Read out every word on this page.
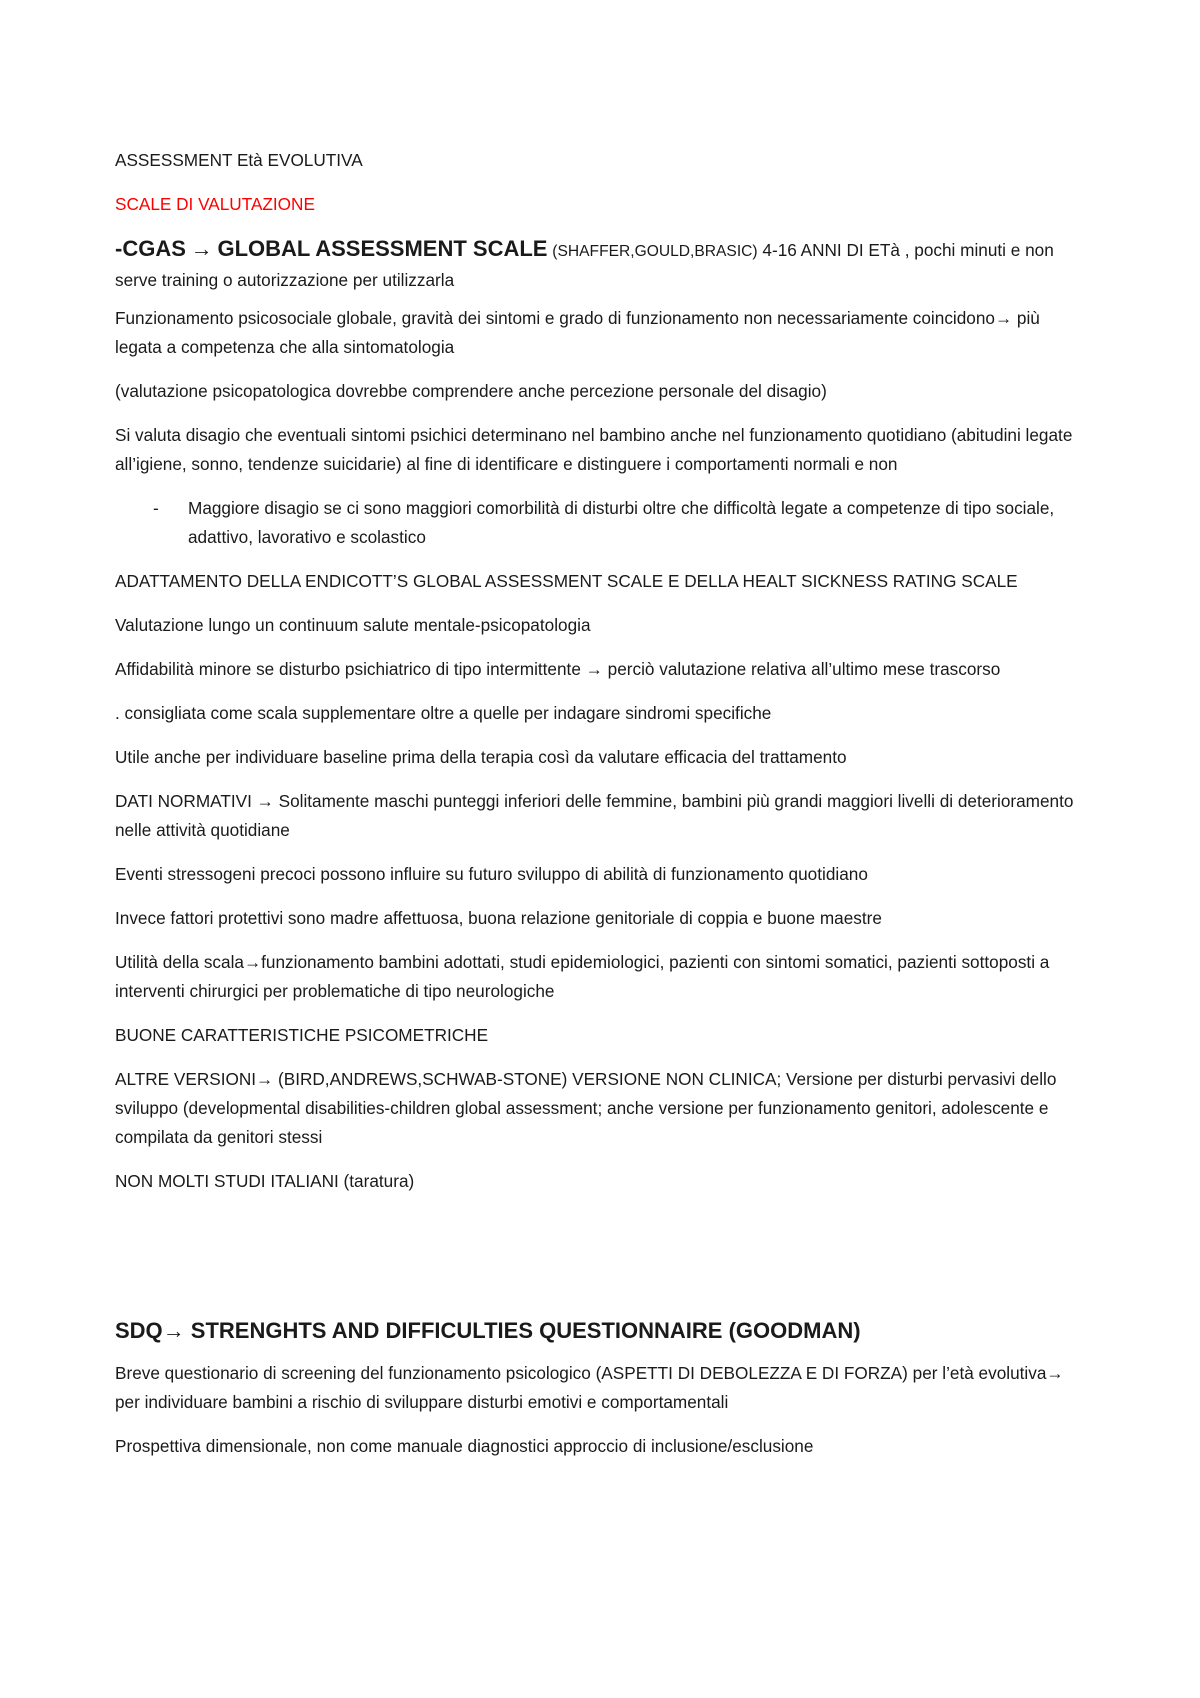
ASSESSMENT Età EVOLUTIVA

SCALE DI VALUTAZIONE

-CGAS → GLOBAL ASSESSMENT SCALE (SHAFFER,GOULD,BRASIC) 4-16 ANNI DI ETà , pochi minuti e non serve training o autorizzazione per utilizzarla

Funzionamento psicosociale globale, gravità dei sintomi e grado di funzionamento non necessariamente coincidono→ più legata a competenza che alla sintomatologia

(valutazione psicopatologica dovrebbe comprendere anche percezione personale del disagio)

Si valuta disagio che eventuali sintomi psichici determinano nel bambino anche nel funzionamento quotidiano (abitudini legate all’igiene, sonno, tendenze suicidarie) al fine di identificare e distinguere i comportamenti normali e non

- Maggiore disagio se ci sono maggiori comorbilità di disturbi oltre che difficoltà legate a competenze di tipo sociale, adattivo, lavorativo e scolastico

ADATTAMENTO DELLA ENDICOTT’S GLOBAL ASSESSMENT SCALE E DELLA HEALT SICKNESS RATING SCALE

Valutazione lungo un continuum salute mentale-psicopatologia

Affidabilità minore se disturbo psichiatrico di tipo intermittente → perciò valutazione relativa all’ultimo mese trascorso

. consigliata come scala supplementare oltre a quelle per indagare sindromi specifiche

Utile anche per individuare baseline prima della terapia così da valutare efficacia del trattamento

DATI NORMATIVI → Solitamente maschi punteggi inferiori delle femmine, bambini più grandi maggiori livelli di deterioramento nelle attività quotidiane

Eventi stressogeni precoci possono influire su futuro sviluppo di abilità di funzionamento quotidiano

Invece fattori protettivi sono madre affettuosa, buona relazione genitoriale di coppia e buone maestre

Utilità della scala→funzionamento bambini adottati, studi epidemiologici, pazienti con sintomi somatici, pazienti sottoposti a interventi chirurgici per problematiche di tipo neurologiche

BUONE CARATTERISTICHE PSICOMETRICHE

ALTRE VERSIONI→ (BIRD,ANDREWS,SCHWAB-STONE) VERSIONE NON CLINICA; Versione per disturbi pervasivi dello sviluppo (developmental disabilities-children global assessment; anche versione per funzionamento genitori, adolescente e compilata da genitori stessi

NON MOLTI STUDI ITALIANI (taratura)

SDQ→ STRENGHTS AND DIFFICULTIES QUESTIONNAIRE (GOODMAN)

Breve questionario di screening del funzionamento psicologico (ASPETTI DI DEBOLEZZA E DI FORZA) per l’età evolutiva→ per individuare bambini a rischio di sviluppare disturbi emotivi e comportamentali

Prospettiva dimensionale, non come manuale diagnostici approccio di inclusione/esclusione
